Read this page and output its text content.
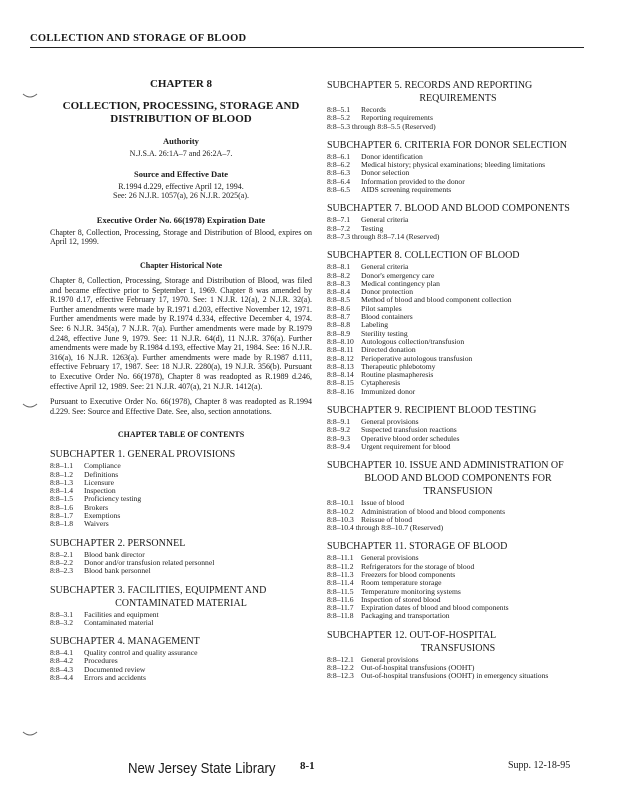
COLLECTION AND STORAGE OF BLOOD
CHAPTER 8
COLLECTION, PROCESSING, STORAGE AND DISTRIBUTION OF BLOOD
Authority
N.J.S.A. 26:1A–7 and 26:2A–7.
Source and Effective Date
R.1994 d.229, effective April 12, 1994.
See: 26 N.J.R. 1057(a), 26 N.J.R. 2025(a).
Executive Order No. 66(1978) Expiration Date
Chapter 8, Collection, Processing, Storage and Distribution of Blood, expires on April 12, 1999.
Chapter Historical Note
Chapter 8, Collection, Processing, Storage and Distribution of Blood, was filed and became effective prior to September 1, 1969. Chapter 8 was amended by R.1970 d.17, effective February 17, 1970. See: 1 N.J.R. 12(a), 2 N.J.R. 32(a). Further amendments were made by R.1971 d.203, effective November 12, 1971. Further amendments were made by R.1974 d.334, effective December 4, 1974. See: 6 N.J.R. 345(a), 7 N.J.R. 7(a). Further amendments were made by R.1979 d.248, effective June 9, 1979. See: 11 N.J.R. 64(d), 11 N.J.R. 376(a). Further amendments were made by R.1984 d.193, effective May 21, 1984. See: 16 N.J.R. 316(a), 16 N.J.R. 1263(a). Further amendments were made by R.1987 d.111, effective February 17, 1987. See: 18 N.J.R. 2280(a), 19 N.J.R. 356(b). Pursuant to Executive Order No. 66(1978), Chapter 8 was readopted as R.1989 d.246, effective April 12, 1989. See: 21 N.J.R. 407(a), 21 N.J.R. 1412(a).
Pursuant to Executive Order No. 66(1978), Chapter 8 was readopted as R.1994 d.229. See: Source and Effective Date. See, also, section annotations.
CHAPTER TABLE OF CONTENTS
SUBCHAPTER 1. GENERAL PROVISIONS
8:8–1.1	Compliance
8:8–1.2	Definitions
8:8–1.3	Licensure
8:8–1.4	Inspection
8:8–1.5	Proficiency testing
8:8–1.6	Brokers
8:8–1.7	Exemptions
8:8–1.8	Waivers
SUBCHAPTER 2. PERSONNEL
8:8–2.1	Blood bank director
8:8–2.2	Donor and/or transfusion related personnel
8:8–2.3	Blood bank personnel
SUBCHAPTER 3. FACILITIES, EQUIPMENT AND
CONTAMINATED MATERIAL
8:8–3.1	Facilities and equipment
8:8–3.2	Contaminated material
SUBCHAPTER 4. MANAGEMENT
8:8–4.1	Quality control and quality assurance
8:8–4.2	Procedures
8:8–4.3	Documented review
8:8–4.4	Errors and accidents
SUBCHAPTER 5. RECORDS AND REPORTING
REQUIREMENTS
8:8–5.1	Records
8:8–5.2	Reporting requirements
8:8–5.3 through 8:8–5.5 (Reserved)
SUBCHAPTER 6. CRITERIA FOR DONOR SELECTION
8:8–6.1	Donor identification
8:8–6.2	Medical history; physical examinations; bleeding limitations
8:8–6.3	Donor selection
8:8–6.4	Information provided to the donor
8:8–6.5	AIDS screening requirements
SUBCHAPTER 7. BLOOD AND BLOOD COMPONENTS
8:8–7.1	General criteria
8:8–7.2	Testing
8:8–7.3 through 8:8–7.14 (Reserved)
SUBCHAPTER 8. COLLECTION OF BLOOD
8:8–8.1	General criteria
8:8–8.2	Donor's emergency care
8:8–8.3	Medical contingency plan
8:8–8.4	Donor protection
8:8–8.5	Method of blood and blood component collection
8:8–8.6	Pilot samples
8:8–8.7	Blood containers
8:8–8.8	Labeling
8:8–8.9	Sterility testing
8:8–8.10 Autologous collection/transfusion
8:8–8.11 Directed donation
8:8–8.12 Perioperative autologous transfusion
8:8–8.13 Therapeutic phlebotomy
8:8–8.14 Routine plasmapheresis
8:8–8.15 Cytapheresis
8:8–8.16 Immunized donor
SUBCHAPTER 9. RECIPIENT BLOOD TESTING
8:8–9.1	General provisions
8:8–9.2	Suspected transfusion reactions
8:8–9.3	Operative blood order schedules
8:8–9.4	Urgent requirement for blood
SUBCHAPTER 10. ISSUE AND ADMINISTRATION OF
BLOOD AND BLOOD COMPONENTS FOR
TRANSFUSION
8:8–10.1 Issue of blood
8:8–10.2 Administration of blood and blood components
8:8–10.3 Reissue of blood
8:8–10.4 through 8:8–10.7 (Reserved)
SUBCHAPTER 11. STORAGE OF BLOOD
8:8–11.1 General provisions
8:8–11.2 Refrigerators for the storage of blood
8:8–11.3 Freezers for blood components
8:8–11.4 Room temperature storage
8:8–11.5 Temperature monitoring systems
8:8–11.6 Inspection of stored blood
8:8–11.7 Expiration dates of blood and blood components
8:8–11.8 Packaging and transportation
SUBCHAPTER 12. OUT-OF-HOSPITAL
TRANSFUSIONS
8:8–12.1 General provisions
8:8–12.2 Out-of-hospital transfusions (OOHT)
8:8–12.3 Out-of-hospital transfusions (OOHT) in emergency situations
New Jersey State Library 8-1	Supp. 12-18-95
